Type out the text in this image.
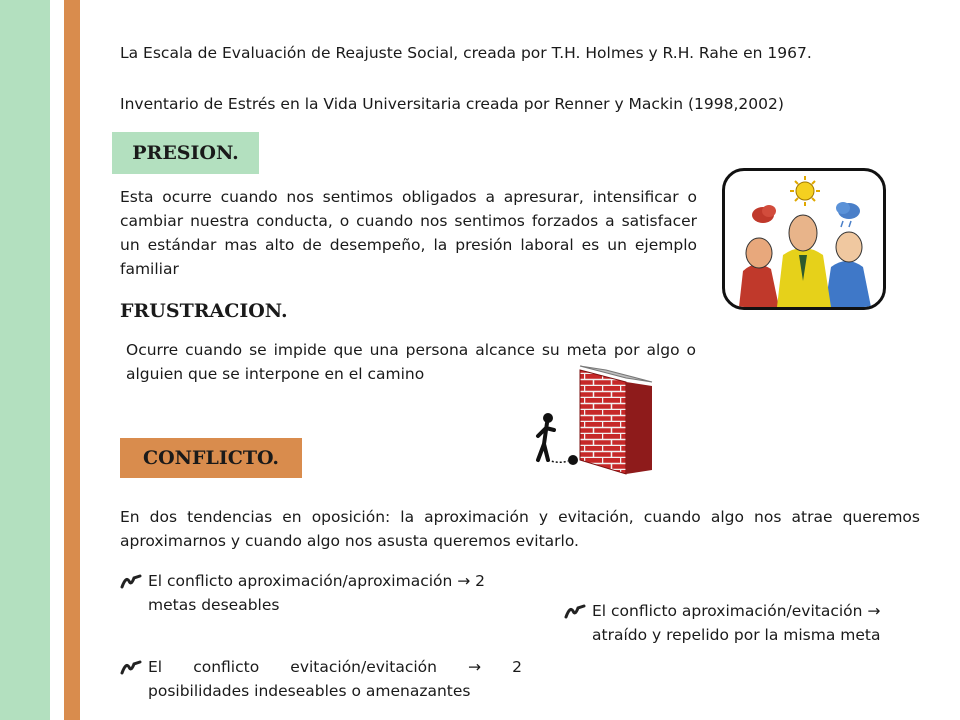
La Escala de Evaluación de Reajuste Social, creada por T.H. Holmes y R.H. Rahe en 1967.
Inventario de Estrés en la Vida Universitaria creada por Renner y Mackin (1998,2002)
PRESION.
Esta ocurre cuando nos sentimos obligados a apresurar, intensificar o cambiar nuestra conducta, o cuando nos sentimos forzados a satisfacer un estándar mas alto de desempeño, la presión laboral es un ejemplo familiar
FRUSTRACION.
Ocurre cuando se impide que una persona alcance su meta por algo o alguien que se interpone en el camino
CONFLICTO.
En dos tendencias en oposición: la aproximación y evitación, cuando algo nos atrae queremos aproximarnos y cuando algo nos asusta queremos evitarlo.
El conflicto aproximación/aproximación → 2 metas deseables	El conflicto aproximación/evitación → atraído y repelido por la misma meta
El conflicto evitación/evitación → 2 posibilidades indeseables o amenazantes
